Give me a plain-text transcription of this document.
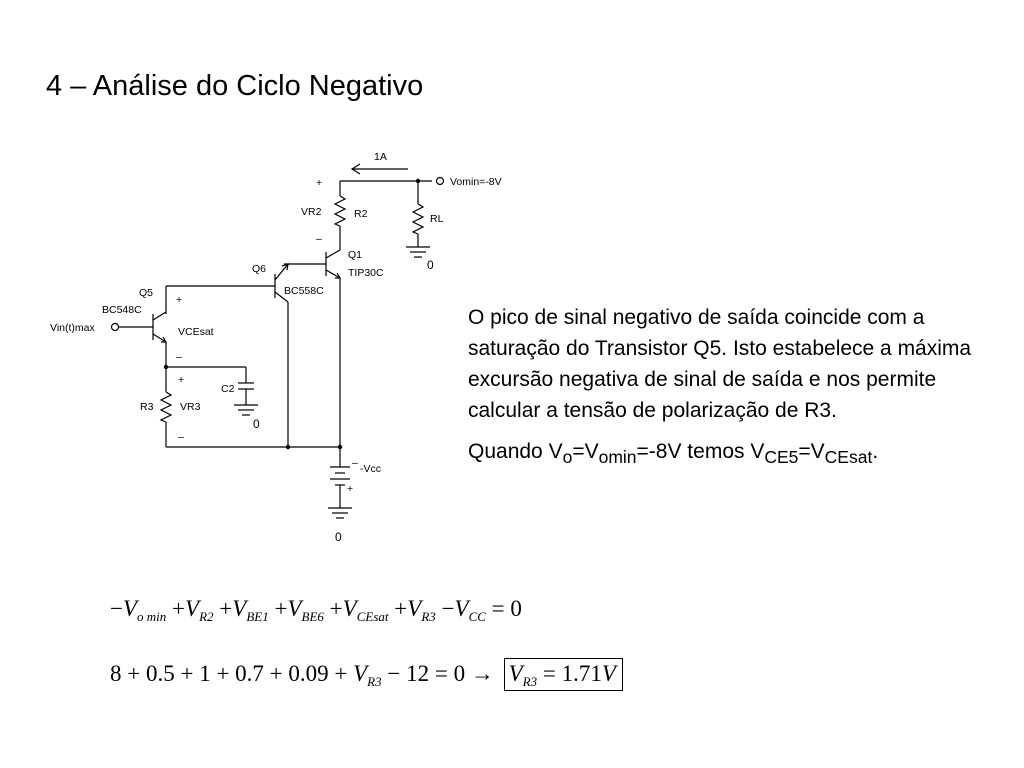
4 – Análise do Ciclo Negativo
1A
Vomin=-8V
+
VR2	R2
–
RL
0
Q1
TIP30C
Q6
BC558C
Q5
BC548C
Vin(t)max
+
VCEsat
–
C2
0
+
R3	VR3
–
– -Vcc
+
0

O pico de sinal negativo de saída coincide com a saturação do Transistor Q5. Isto estabelece a máxima excursão negativa de sinal de saída e nos permite calcular a tensão de polarização de R3.

Quando $V_o=V_{omin}=-8V$ temos $V_{CE5}=V_{CEsat}$.

$-V_{o min} +V_{R2} +V_{BE1} +V_{BE6} +V_{CEsat} +V_{R3} -V_{CC} = 0$
$8 + 0.5 + 1 + 0.7 + 0.09 + V_{R3} - 12 = 0 \to V_{R3} = 1.71V$
